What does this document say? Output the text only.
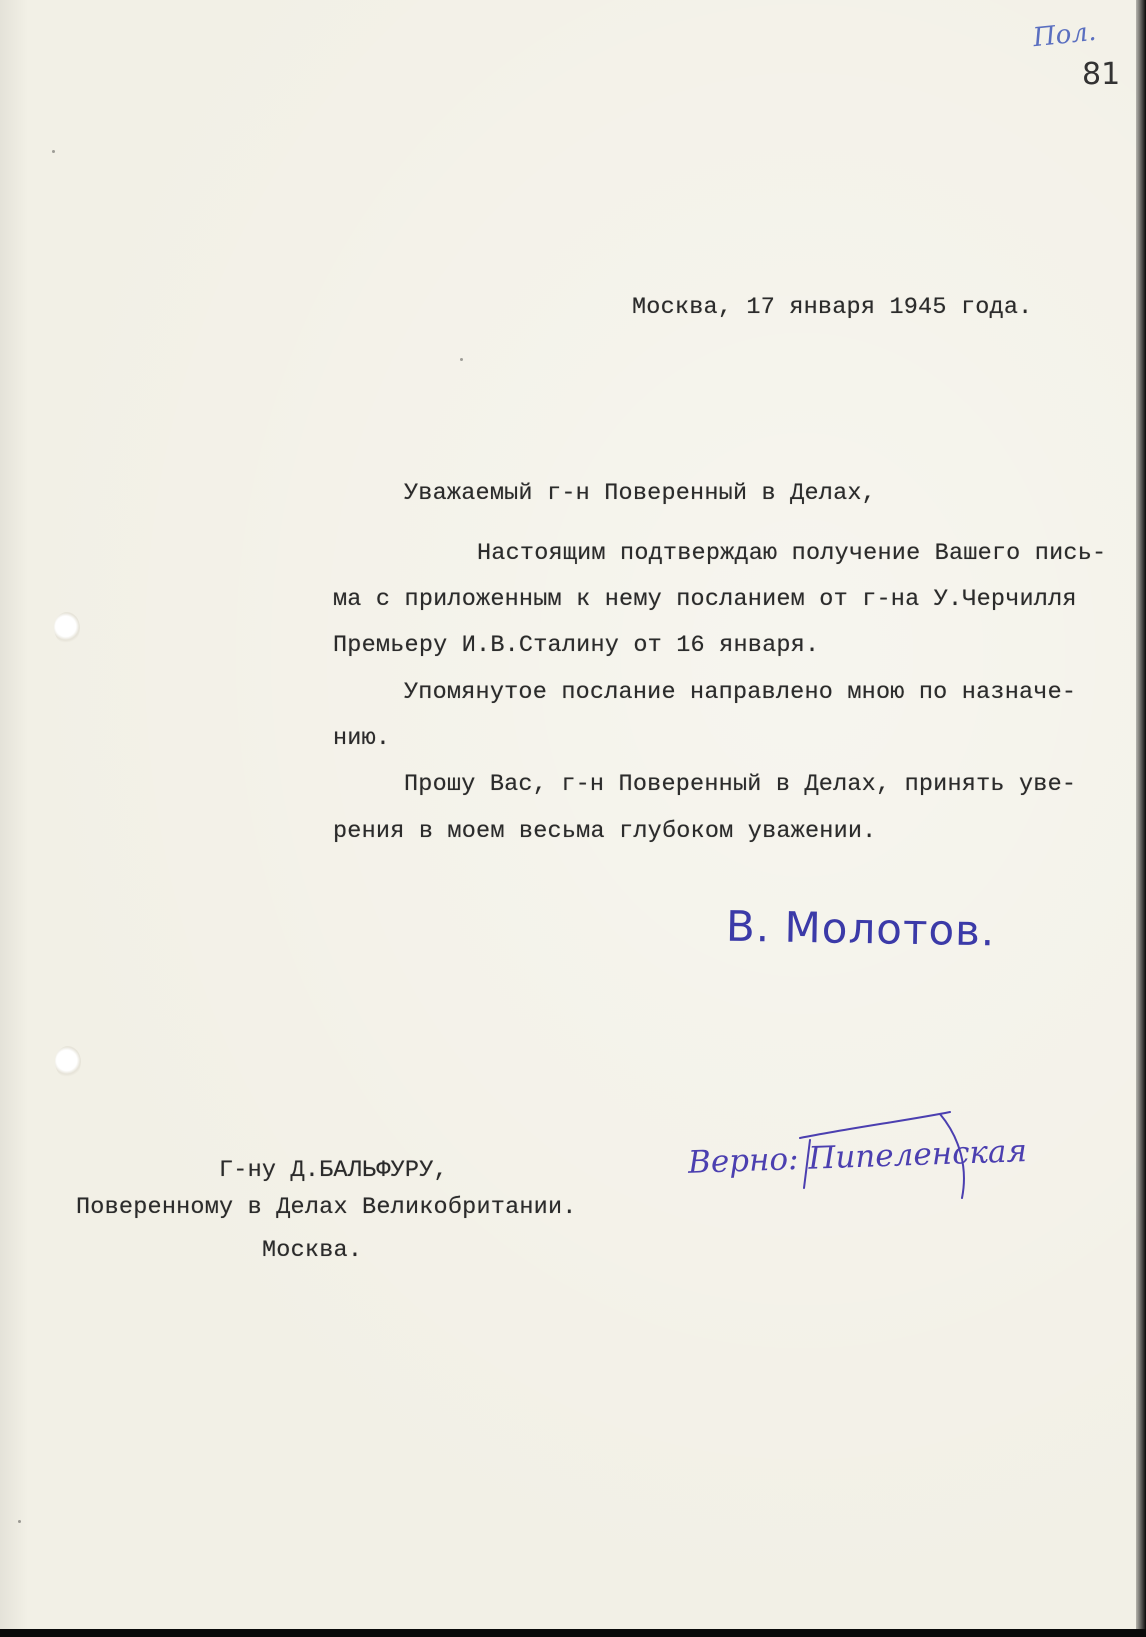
Пол.
81
Москва, 17 января 1945 года.
Уважаемый г-н Поверенный в Делах,
Настоящим подтверждаю получение Вашего пись-
ма с приложенным к нему посланием от г-на У.Черчилля
Премьеру И.В.Сталину от 16 января.
Упомянутое послание направлено мною по назначе-
нию.
Прошу Вас, г-н Поверенный в Делах, принять уве-
рения в моем весьма глубоком уважении.
В. Молотов.
Г-ну Д.БАЛЬФУРУ,
Поверенному в Делах Великобритании.
Москва.
Верно: Пипеленская
